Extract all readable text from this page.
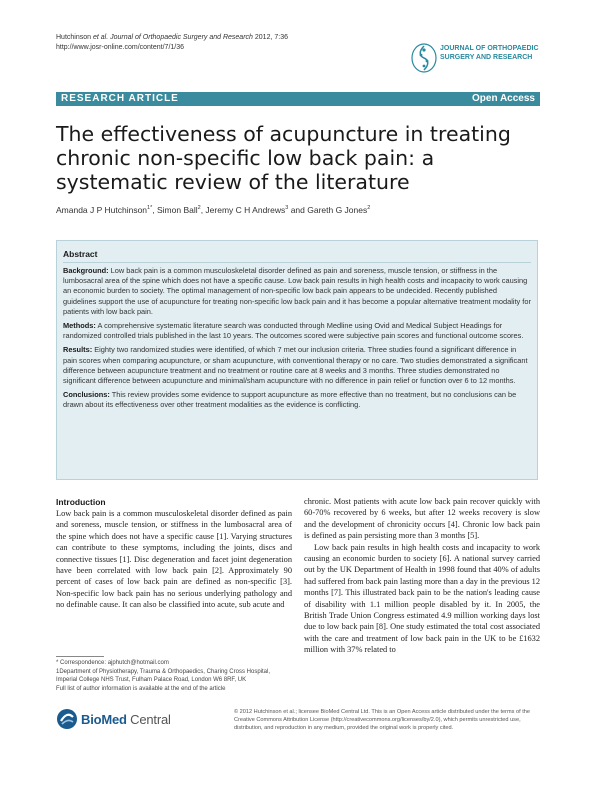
Hutchinson et al. Journal of Orthopaedic Surgery and Research 2012, 7:36
http://www.josr-online.com/content/7/1/36	JOURNAL OF ORTHOPAEDIC
SURGERY AND RESEARCH
RESEARCH ARTICLE	Open Access
The effectiveness of acupuncture in treating chronic non-specific low back pain: a systematic review of the literature
Amanda J P Hutchinson$^{1*}$, Simon Ball$^2$, Jeremy C H Andrews$^3$ and Gareth G Jones$^2$
Abstract

Background: Low back pain is a common musculoskeletal disorder defined as pain and soreness, muscle tension, or stiffness in the lumbosacral area of the spine which does not have a specific cause. Low back pain results in high health costs and incapacity to work causing an economic burden to society. The optimal management of non-specific low back pain appears to be undecided. Recently published guidelines support the use of acupuncture for treating non-specific low back pain and it has become a popular alternative treatment modality for patients with low back pain.

Methods: A comprehensive systematic literature search was conducted through Medline using Ovid and Medical Subject Headings for randomized controlled trials published in the last 10 years. The outcomes scored were subjective pain scores and functional outcome scores.

Results: Eighty two randomized studies were identified, of which 7 met our inclusion criteria. Three studies found a significant difference in pain scores when comparing acupuncture, or sham acupuncture, with conventional therapy or no care. Two studies demonstrated a significant difference between acupuncture treatment and no treatment or routine care at 8 weeks and 3 months. Three studies demonstrated no significant difference between acupuncture and minimal/sham acupuncture with no difference in pain relief or function over 6 to 12 months.

Conclusions: This review provides some evidence to support acupuncture as more effective than no treatment, but no conclusions can be drawn about its effectiveness over other treatment modalities as the evidence is conflicting.

Introduction

Low back pain is a common musculoskeletal disorder defined as pain and soreness, muscle tension, or stiffness in the lumbosacral area of the spine which does not have a specific cause [1]. Varying structures can contribute to these symptoms, including the joints, discs and connective tissues [1]. Disc degeneration and facet joint degeneration have been correlated with low back pain [2]. Approximately 90 percent of cases of low back pain are defined as non-specific [3]. Non-specific low back pain has no serious underlying pathology and no definable cause. It can also be classified into acute, sub acute and

chronic. Most patients with acute low back pain recover quickly with 60-70% recovered by 6 weeks, but after 12 weeks recovery is slow and the development of chronicity occurs [4]. Chronic low back pain is defined as pain persisting more than 3 months [5].

Low back pain results in high health costs and incapacity to work causing an economic burden to society [6]. A national survey carried out by the UK Department of Health in 1998 found that 40% of adults had suffered from back pain lasting more than a day in the previous 12 months [7]. This illustrated back pain to be the nation's leading cause of disability with 1.1 million people disabled by it. In 2005, the British Trade Union Congress estimated 4.9 million working days lost due to low back pain [8]. One study estimated the total cost associated with the care and treatment of low back pain in the UK to be £1632 million with 37% related to

* Correspondence: ajphutch@hotmail.com

1Department of Physiotherapy, Trauma & Orthopaedics, Charing Cross Hospital, Imperial College NHS Trust, Fulham Palace Road, London W6 8RF, UK

Full list of author information is available at the end of the article

BioMed Central	© 2012 Hutchinson et al.; licensee BioMed Central Ltd. This is an Open Access article distributed under the terms of the Creative Commons Attribution License (http://creativecommons.org/licenses/by/2.0), which permits unrestricted use, distribution, and reproduction in any medium, provided the original work is properly cited.
